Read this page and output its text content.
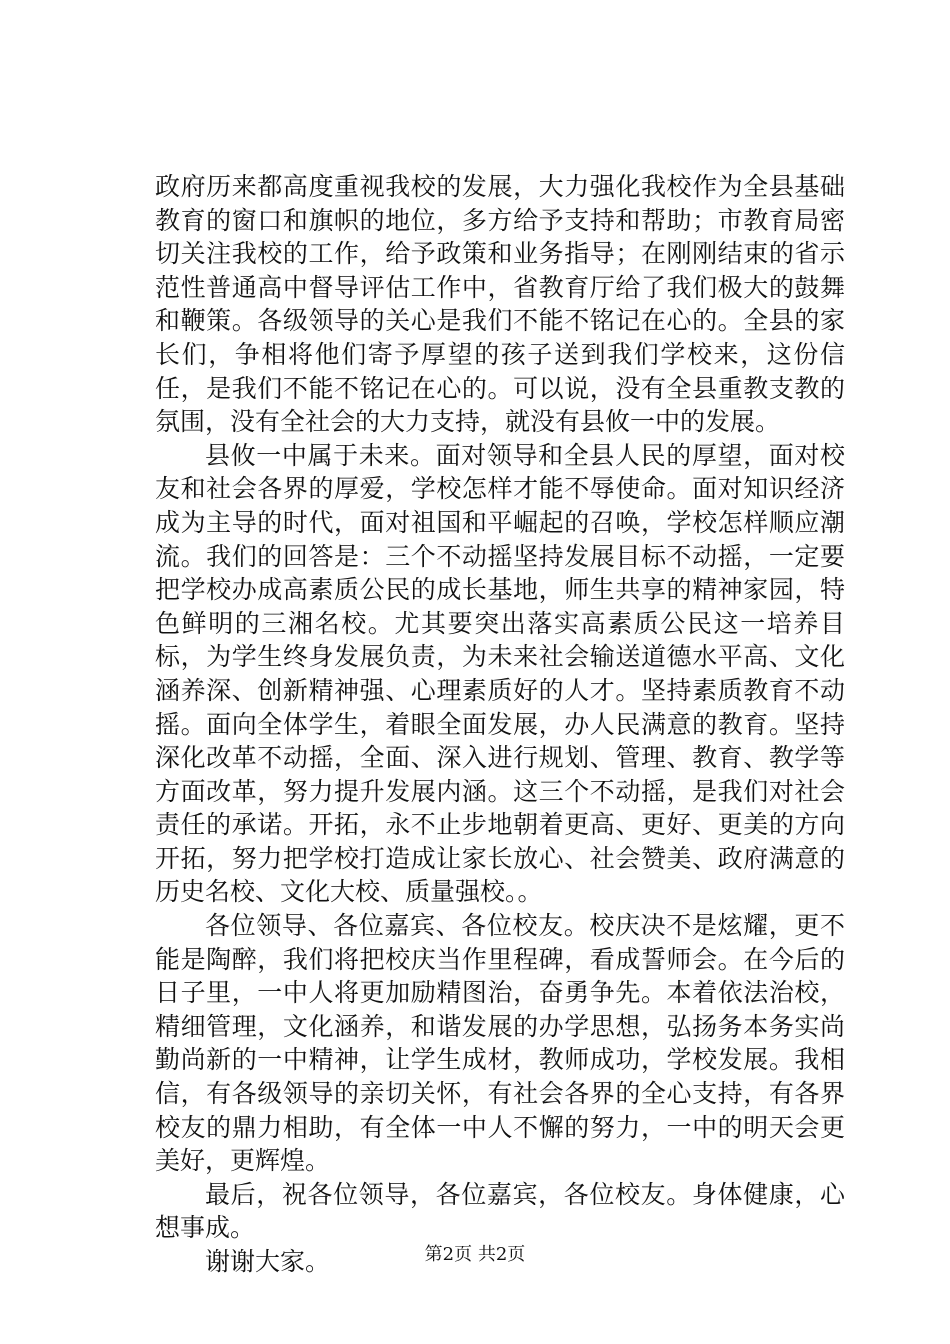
政府历来都高度重视我校的发展，大力强化我校作为全县基础教育的窗口和旗帜的地位，多方给予支持和帮助；市教育局密切关注我校的工作，给予政策和业务指导；在刚刚结束的省示范性普通高中督导评估工作中，省教育厅给了我们极大的鼓舞和鞭策。各级领导的关心是我们不能不铭记在心的。全县的家长们，争相将他们寄予厚望的孩子送到我们学校来，这份信任，是我们不能不铭记在心的。可以说，没有全县重教支教的氛围，没有全社会的大力支持，就没有县攸一中的发展。

县攸一中属于未来。面对领导和全县人民的厚望，面对校友和社会各界的厚爱，学校怎样才能不辱使命。面对知识经济成为主导的时代，面对祖国和平崛起的召唤，学校怎样顺应潮流。我们的回答是：三个不动摇坚持发展目标不动摇，一定要把学校办成高素质公民的成长基地，师生共享的精神家园，特色鲜明的三湘名校。尤其要突出落实高素质公民这一培养目标，为学生终身发展负责，为未来社会输送道德水平高、文化涵养深、创新精神强、心理素质好的人才。坚持素质教育不动摇。面向全体学生，着眼全面发展，办人民满意的教育。坚持深化改革不动摇，全面、深入进行规划、管理、教育、教学等方面改革，努力提升发展内涵。这三个不动摇，是我们对社会责任的承诺。开拓，永不止步地朝着更高、更好、更美的方向开拓，努力把学校打造成让家长放心、社会赞美、政府满意的历史名校、文化大校、质量强校。。

各位领导、各位嘉宾、各位校友。校庆决不是炫耀，更不能是陶醉，我们将把校庆当作里程碑，看成誓师会。在今后的日子里，一中人将更加励精图治，奋勇争先。本着依法治校，精细管理，文化涵养，和谐发展的办学思想，弘扬务本务实尚勤尚新的一中精神，让学生成材，教师成功，学校发展。我相信，有各级领导的亲切关怀，有社会各界的全心支持，有各界校友的鼎力相助，有全体一中人不懈的努力，一中的明天会更美好，更辉煌。

最后，祝各位领导，各位嘉宾，各位校友。身体健康，心想事成。

谢谢大家。	第2页 共2页
